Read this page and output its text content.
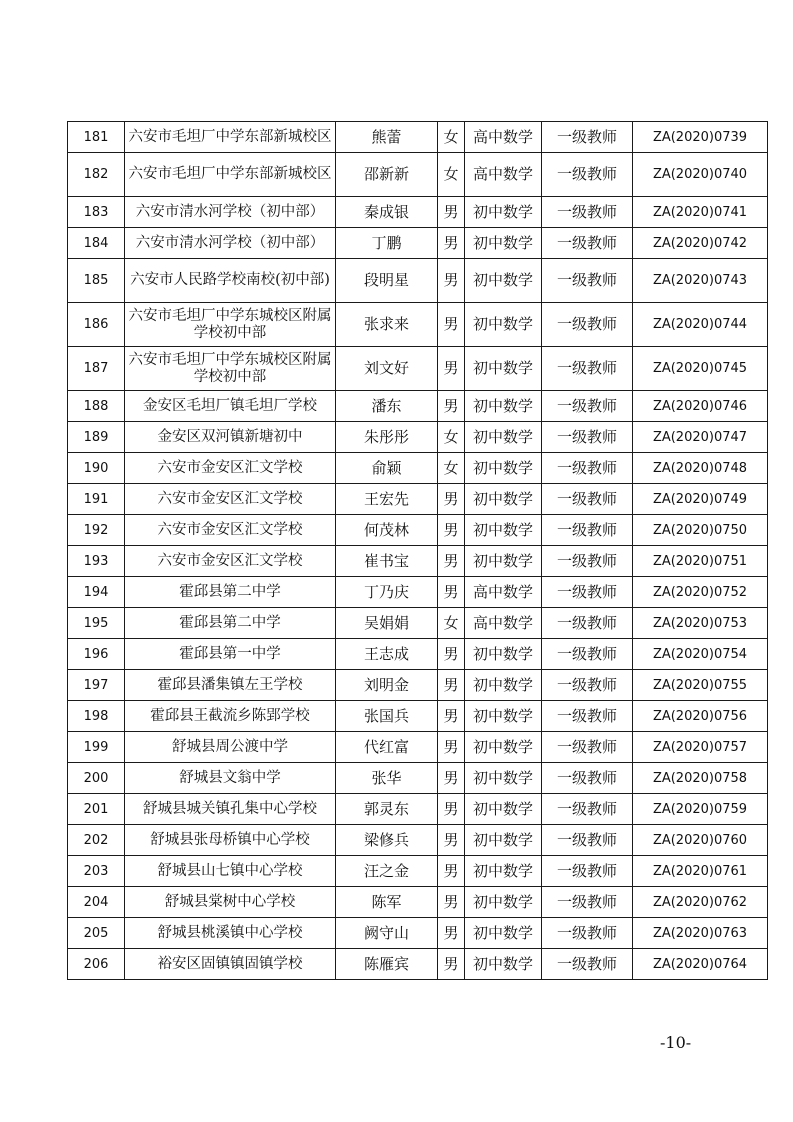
181	六安市毛坦厂中学东部新城校区	熊蕾	女	高中数学	一级教师	ZA(2020)0739
182	六安市毛坦厂中学东部新城校区	邵新新	女	高中数学	一级教师	ZA(2020)0740
183	六安市清水河学校（初中部）	秦成银	男	初中数学	一级教师	ZA(2020)0741
184	六安市清水河学校（初中部）	丁鹏	男	初中数学	一级教师	ZA(2020)0742
185	六安市人民路学校南校(初中部)	段明星	男	初中数学	一级教师	ZA(2020)0743
186	六安市毛坦厂中学东城校区附属学校初中部	张求来	男	初中数学	一级教师	ZA(2020)0744
187	六安市毛坦厂中学东城校区附属学校初中部	刘文好	男	初中数学	一级教师	ZA(2020)0745
188	金安区毛坦厂镇毛坦厂学校	潘东	男	初中数学	一级教师	ZA(2020)0746
189	金安区双河镇新塘初中	朱彤彤	女	初中数学	一级教师	ZA(2020)0747
190	六安市金安区汇文学校	俞颖	女	初中数学	一级教师	ZA(2020)0748
191	六安市金安区汇文学校	王宏先	男	初中数学	一级教师	ZA(2020)0749
192	六安市金安区汇文学校	何茂林	男	初中数学	一级教师	ZA(2020)0750
193	六安市金安区汇文学校	崔书宝	男	初中数学	一级教师	ZA(2020)0751
194	霍邱县第二中学	丁乃庆	男	高中数学	一级教师	ZA(2020)0752
195	霍邱县第二中学	吴娟娟	女	高中数学	一级教师	ZA(2020)0753
196	霍邱县第一中学	王志成	男	初中数学	一级教师	ZA(2020)0754
197	霍邱县潘集镇左王学校	刘明金	男	初中数学	一级教师	ZA(2020)0755
198	霍邱县王截流乡陈郢学校	张国兵	男	初中数学	一级教师	ZA(2020)0756
199	舒城县周公渡中学	代红富	男	初中数学	一级教师	ZA(2020)0757
200	舒城县文翁中学	张华	男	初中数学	一级教师	ZA(2020)0758
201	舒城县城关镇孔集中心学校	郭灵东	男	初中数学	一级教师	ZA(2020)0759
202	舒城县张母桥镇中心学校	梁修兵	男	初中数学	一级教师	ZA(2020)0760
203	舒城县山七镇中心学校	汪之金	男	初中数学	一级教师	ZA(2020)0761
204	舒城县棠树中心学校	陈军	男	初中数学	一级教师	ZA(2020)0762
205	舒城县桃溪镇中心学校	阙守山	男	初中数学	一级教师	ZA(2020)0763
206	裕安区固镇镇固镇学校	陈雁宾	男	初中数学	一级教师	ZA(2020)0764
-10-
